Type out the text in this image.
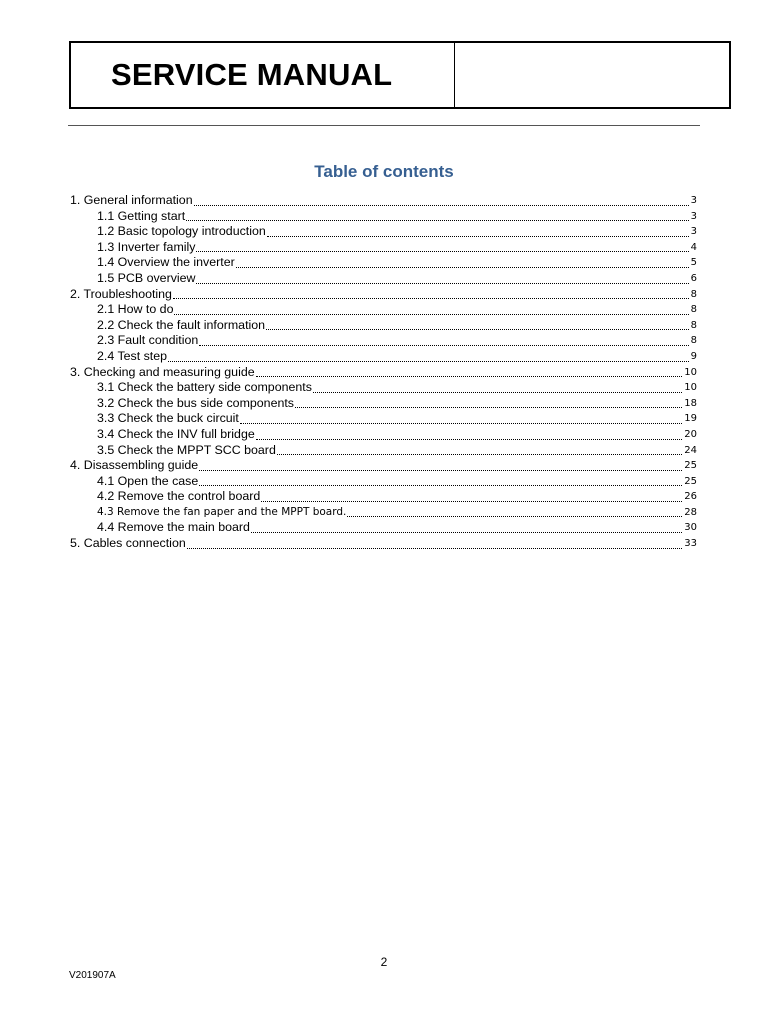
SERVICE MANUAL
Table of contents
1. General information	3
1.1 Getting start	3
1.2 Basic topology introduction	3
1.3 Inverter family	4
1.4 Overview the inverter	5
1.5 PCB overview	6
2. Troubleshooting	8
2.1 How to do	8
2.2 Check the fault information	8
2.3 Fault condition	8
2.4 Test step	9
3. Checking and measuring guide	10
3.1 Check the battery side components	10
3.2 Check the bus side components	18
3.3 Check the buck circuit	19
3.4 Check the INV full bridge	20
3.5 Check the MPPT SCC board	24
4. Disassembling guide	25
4.1 Open the case	25
4.2 Remove the control board	26
4.3 Remove the fan paper and the MPPT board.	28
4.4 Remove the main board	30
5. Cables connection	33
2
V201907A
